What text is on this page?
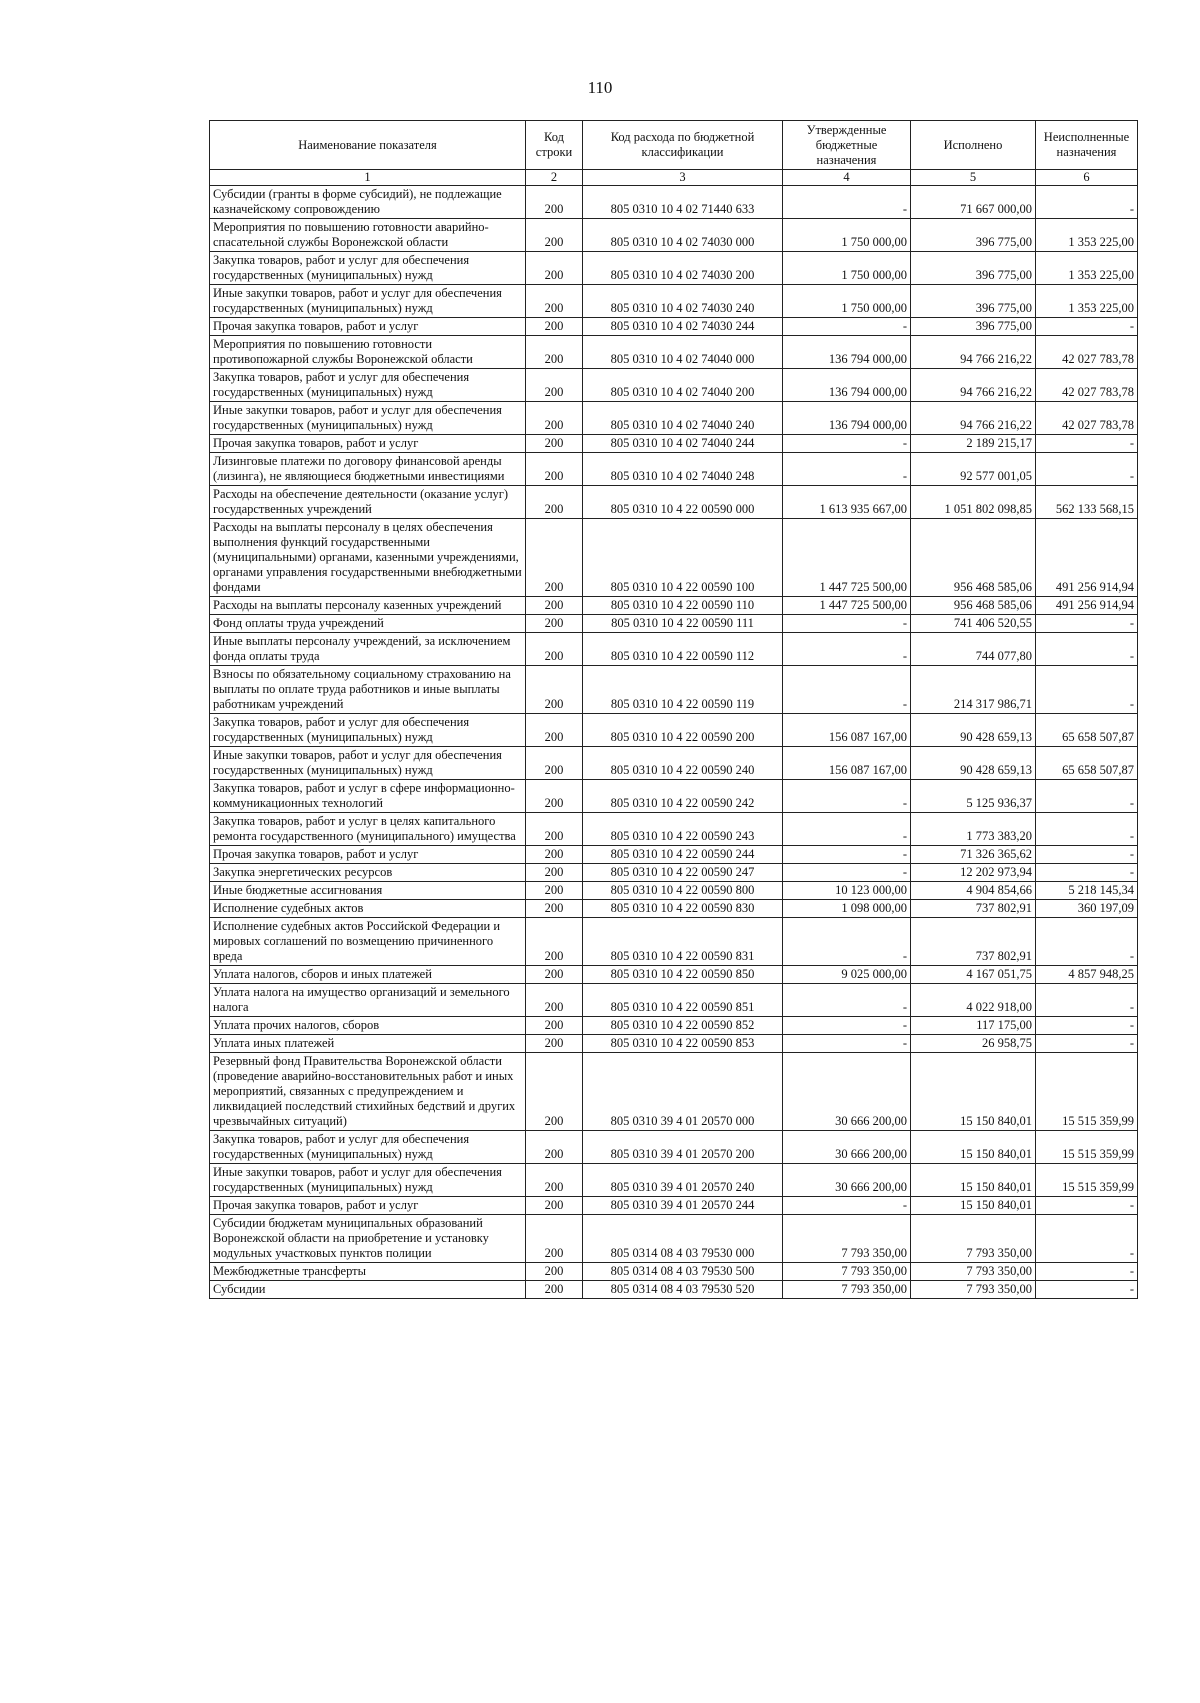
110
Наименование показателя	Код строки	Код расхода по бюджетной классификации	Утвержденные бюджетные назначения	Исполнено	Неисполненные назначения
1	2	3	4	5	6
Субсидии (гранты в форме субсидий), не подлежащие казначейскому сопровождению	200	805 0310 10 4 02 71440 633	-	71 667 000,00	-
Мероприятия по повышению готовности аварийно-спасательной службы Воронежской области	200	805 0310 10 4 02 74030 000	1 750 000,00	396 775,00	1 353 225,00
Закупка товаров, работ и услуг для обеспечения государственных (муниципальных) нужд	200	805 0310 10 4 02 74030 200	1 750 000,00	396 775,00	1 353 225,00
Иные закупки товаров, работ и услуг для обеспечения государственных (муниципальных) нужд	200	805 0310 10 4 02 74030 240	1 750 000,00	396 775,00	1 353 225,00
Прочая закупка товаров, работ и услуг	200	805 0310 10 4 02 74030 244	-	396 775,00	-
Мероприятия по повышению готовности противопожарной службы Воронежской области	200	805 0310 10 4 02 74040 000	136 794 000,00	94 766 216,22	42 027 783,78
Закупка товаров, работ и услуг для обеспечения государственных (муниципальных) нужд	200	805 0310 10 4 02 74040 200	136 794 000,00	94 766 216,22	42 027 783,78
Иные закупки товаров, работ и услуг для обеспечения государственных (муниципальных) нужд	200	805 0310 10 4 02 74040 240	136 794 000,00	94 766 216,22	42 027 783,78
Прочая закупка товаров, работ и услуг	200	805 0310 10 4 02 74040 244	-	2 189 215,17	-
Лизинговые платежи по договору финансовой аренды (лизинга), не являющиеся бюджетными инвестициями	200	805 0310 10 4 02 74040 248	-	92 577 001,05	-
Расходы на обеспечение деятельности (оказание услуг) государственных учреждений	200	805 0310 10 4 22 00590 000	1 613 935 667,00	1 051 802 098,85	562 133 568,15
Расходы на выплаты персоналу в целях обеспечения выполнения функций государственными (муниципальными) органами, казенными учреждениями, органами управления государственными внебюджетными фондами	200	805 0310 10 4 22 00590 100	1 447 725 500,00	956 468 585,06	491 256 914,94
Расходы на выплаты персоналу казенных учреждений	200	805 0310 10 4 22 00590 110	1 447 725 500,00	956 468 585,06	491 256 914,94
Фонд оплаты труда учреждений	200	805 0310 10 4 22 00590 111	-	741 406 520,55	-
Иные выплаты персоналу учреждений, за исключением фонда оплаты труда	200	805 0310 10 4 22 00590 112	-	744 077,80	-
Взносы по обязательному социальному страхованию на выплаты по оплате труда работников и иные выплаты работникам учреждений	200	805 0310 10 4 22 00590 119	-	214 317 986,71	-
Закупка товаров, работ и услуг для обеспечения государственных (муниципальных) нужд	200	805 0310 10 4 22 00590 200	156 087 167,00	90 428 659,13	65 658 507,87
Иные закупки товаров, работ и услуг для обеспечения государственных (муниципальных) нужд	200	805 0310 10 4 22 00590 240	156 087 167,00	90 428 659,13	65 658 507,87
Закупка товаров, работ и услуг в сфере информационно-коммуникационных технологий	200	805 0310 10 4 22 00590 242	-	5 125 936,37	-
Закупка товаров, работ и услуг в целях капитального ремонта государственного (муниципального) имущества	200	805 0310 10 4 22 00590 243	-	1 773 383,20	-
Прочая закупка товаров, работ и услуг	200	805 0310 10 4 22 00590 244	-	71 326 365,62	-
Закупка энергетических ресурсов	200	805 0310 10 4 22 00590 247	-	12 202 973,94	-
Иные бюджетные ассигнования	200	805 0310 10 4 22 00590 800	10 123 000,00	4 904 854,66	5 218 145,34
Исполнение судебных актов	200	805 0310 10 4 22 00590 830	1 098 000,00	737 802,91	360 197,09
Исполнение судебных актов Российской Федерации и мировых соглашений по возмещению причиненного вреда	200	805 0310 10 4 22 00590 831	-	737 802,91	-
Уплата налогов, сборов и иных платежей	200	805 0310 10 4 22 00590 850	9 025 000,00	4 167 051,75	4 857 948,25
Уплата налога на имущество организаций и земельного налога	200	805 0310 10 4 22 00590 851	-	4 022 918,00	-
Уплата прочих налогов, сборов	200	805 0310 10 4 22 00590 852	-	117 175,00	-
Уплата иных платежей	200	805 0310 10 4 22 00590 853	-	26 958,75	-
Резервный фонд Правительства Воронежской области (проведение аварийно-восстановительных работ и иных мероприятий, связанных с предупреждением и ликвидацией последствий стихийных бедствий и других чрезвычайных ситуаций)	200	805 0310 39 4 01 20570 000	30 666 200,00	15 150 840,01	15 515 359,99
Закупка товаров, работ и услуг для обеспечения государственных (муниципальных) нужд	200	805 0310 39 4 01 20570 200	30 666 200,00	15 150 840,01	15 515 359,99
Иные закупки товаров, работ и услуг для обеспечения государственных (муниципальных) нужд	200	805 0310 39 4 01 20570 240	30 666 200,00	15 150 840,01	15 515 359,99
Прочая закупка товаров, работ и услуг	200	805 0310 39 4 01 20570 244	-	15 150 840,01	-
Субсидии бюджетам муниципальных образований Воронежской области на приобретение и установку модульных участковых пунктов полиции	200	805 0314 08 4 03 79530 000	7 793 350,00	7 793 350,00	-
Межбюджетные трансферты	200	805 0314 08 4 03 79530 500	7 793 350,00	7 793 350,00	-
Субсидии	200	805 0314 08 4 03 79530 520	7 793 350,00	7 793 350,00	-
